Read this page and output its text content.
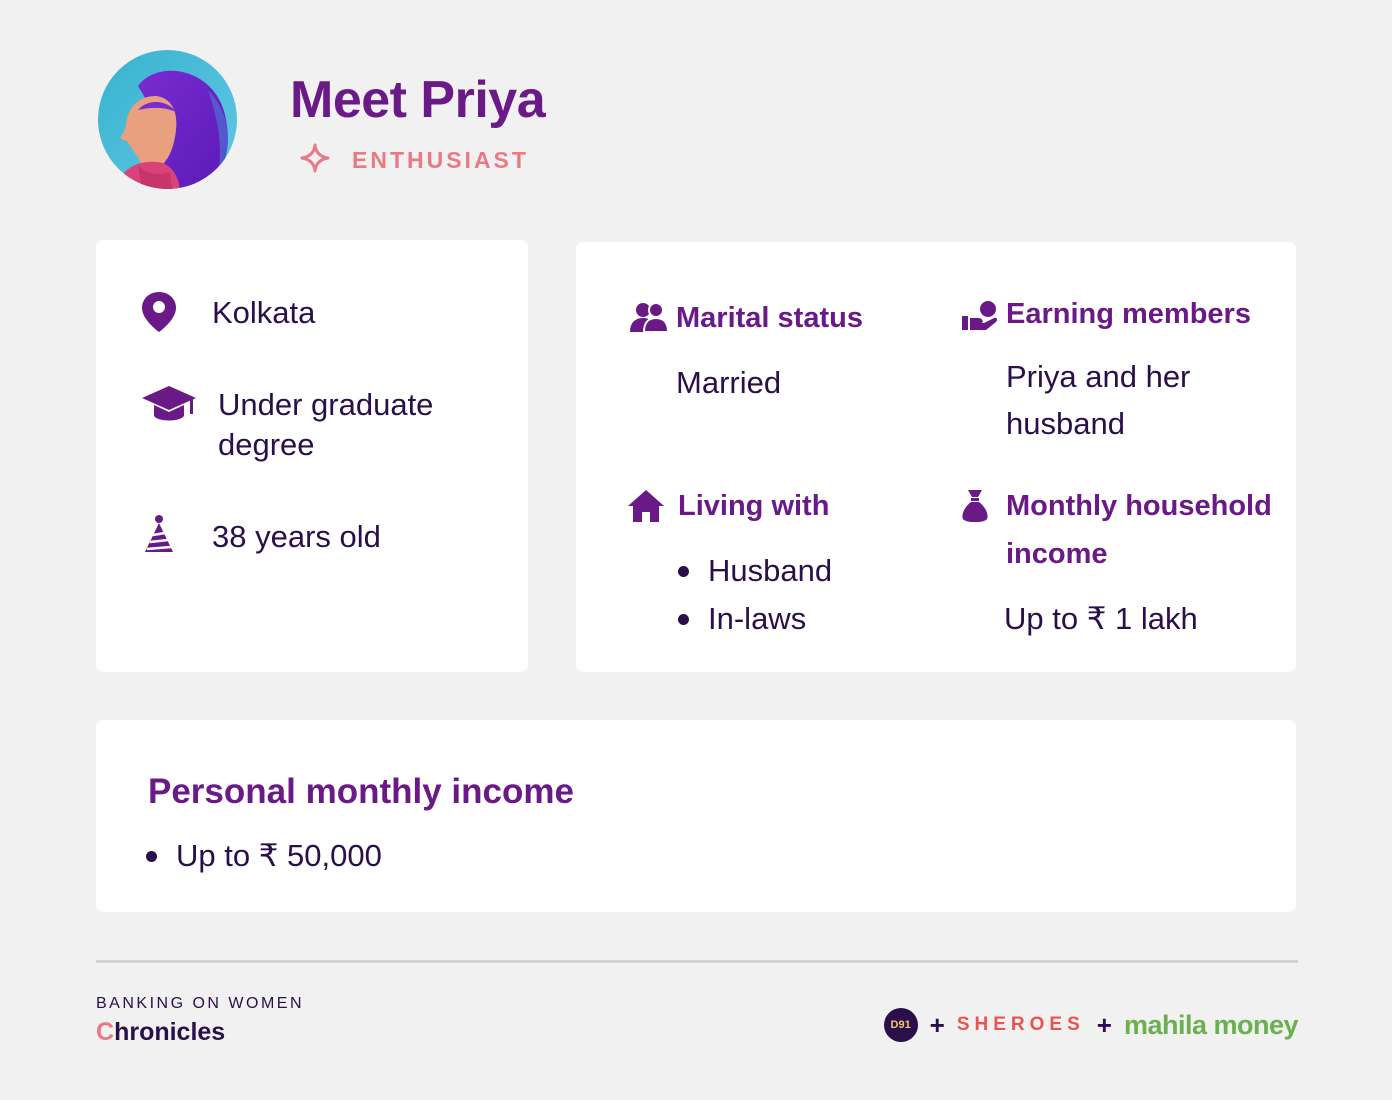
Meet Priya
ENTHUSIAST
Kolkata
Under graduate
degree
38 years old
Marital status
Married
Earning members
Priya and her
husband
Living with
Husband
In-laws
Monthly household
income
Up to ₹ 1 lakh
Personal monthly income
Up to ₹ 50,000
BANKING ON WOMEN
Chronicles	D91 + SHEROES + mahila money
